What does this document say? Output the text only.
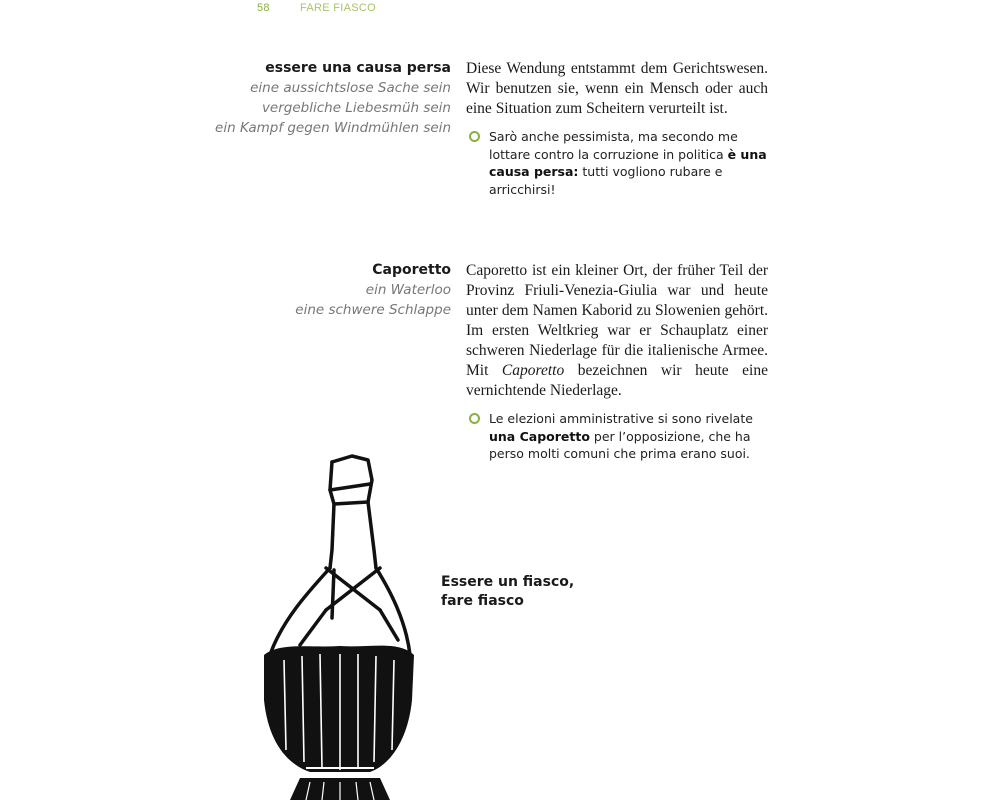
58	FARE FIASCO
essere una causa persa
eine aussichtslose Sache sein
vergebliche Liebesmüh sein
ein Kampf gegen Windmühlen sein
Diese Wendung entstammt dem Gerichtswesen. Wir benutzen sie, wenn ein Mensch oder auch eine Situation zum Scheitern verurteilt ist.
Sarò anche pessimista, ma secondo me lottare contro la corruzione in politica è una causa persa: tutti vogliono rubare e arricchirsi!
Caporetto
ein Waterloo
eine schwere Schlappe
Caporetto ist ein kleiner Ort, der früher Teil der Provinz Friuli-Venezia-Giulia war und heute unter dem Namen Kaborid zu Slowenien gehört. Im ersten Weltkrieg war er Schauplatz einer schweren Niederlage für die italienische Armee. Mit Caporetto bezeichnen wir heute eine vernichtende Niederlage.
Le elezioni amministrative si sono rivelate una Caporetto per l’opposizione, che ha perso molti comuni che prima erano suoi.
Essere un fiasco,
fare fiasco
